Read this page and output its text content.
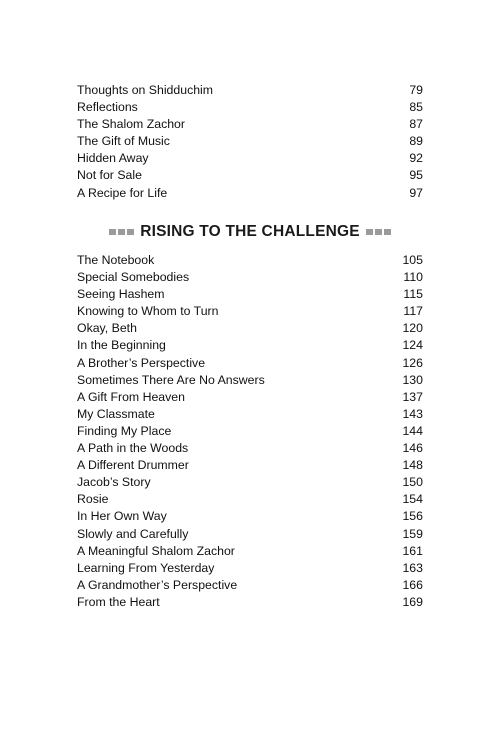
Thoughts on Shidduchim	79
Reflections	85
The Shalom Zachor	87
The Gift of Music	89
Hidden Away	92
Not for Sale	95
A Recipe for Life	97
RISING TO THE CHALLENGE
The Notebook	105
Special Somebodies	110
Seeing Hashem	115
Knowing to Whom to Turn	117
Okay, Beth	120
In the Beginning	124
A Brother’s Perspective	126
Sometimes There Are No Answers	130
A Gift From Heaven	137
My Classmate	143
Finding My Place	144
A Path in the Woods	146
A Different Drummer	148
Jacob’s Story	150
Rosie	154
In Her Own Way	156
Slowly and Carefully	159
A Meaningful Shalom Zachor	161
Learning From Yesterday	163
A Grandmother’s Perspective	166
From the Heart	169
